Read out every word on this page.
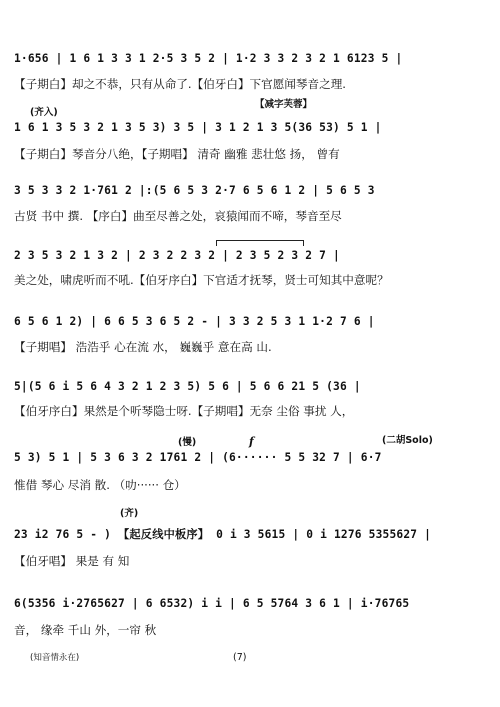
1·656 | 1 6 1 3 3 1 2·5 3 5 2 | 1·2 3 3 2 3 2 1 6123 5 |
【子期白】却之不恭，只有从命了.【伯牙白】下官愿闻琴音之理.
(齐入)
【减字芙蓉】
1 6 1 3 5 3 2 1 3 5 3) 3 5 | 3 1 2 1 3 5(36 53) 5 1 |
【子期白】琴音分八绝，【子期唱】 清奇 幽雅 悲壮悠 扬， 曾有
3 5 3 3 2 1·761 2 |:(5 6 5 3 2·7 6 5 6 1 2 | 5 6 5 3
古贤 书中 撰. 【序白】曲至尽善之处，哀猿闻而不啼，琴音至尽
2 3 5 3 2 1 3 2 | 2 3 2 2 3 2 | 2 3 5 2 3 2 7 |
美之处，啸虎听而不吼.【伯牙序白】下官适才抚琴，贤士可知其中意呢？
6 5 6 1 2) | 6 6 5 3 6 5 2 - | 3 3 2 5 3 1 1·2 7 6 |
【子期唱】 浩浩乎 心在流 水， 巍巍乎 意在高 山.
5|(5 6 i 5 6 4 3 2 1 2 3 5) 5 6 | 5 6 6 21 5 (36 |
【伯牙序白】果然是个听琴隐士呀.【子期唱】无奈 尘俗 事扰 人，
(慢)	f	(二胡Solo)
5 3) 5 1 | 5 3 6 3 2 1761 2 | (6······ 5 5 32 7 | 6·7
惟借 琴心 尽消 散. （叻······ 仓）
(齐)
23 i2 76 5 - ) 【起反线中板序】 0 i 3 5615 | 0 i 1276 5355627 |
【伯牙唱】 果是 有 知
6(5356 i·2765627 | 6 6532) i i | 6 5 5764 3 6 1 | i·76765
音， 缘牵 千山 外，一帘 秋
(知音情永在)	(7)
